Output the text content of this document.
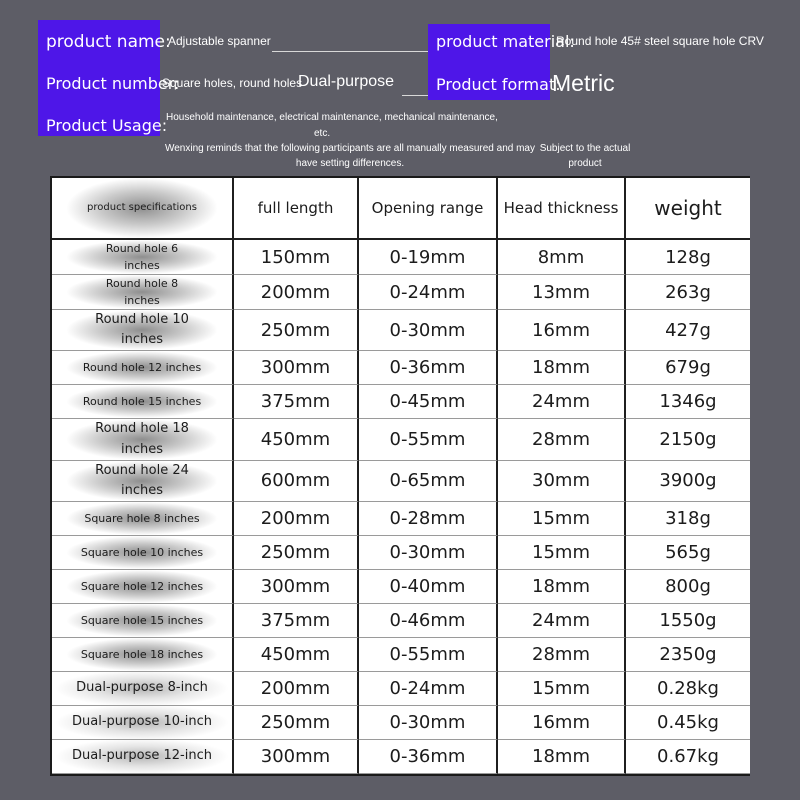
product name:
Adjustable spanner
Product number:
Square holes, round holes
Dual-purpose
Product Usage:
Household maintenance, electrical maintenance, mechanical maintenance,
etc.
product material:
Round hole 45# steel square hole CRV
Product format:
Metric
Wenxing reminds that the following participants are all manually measured and may
have setting differences.
Subject to the actual
product
product specifications	full length	Opening range	Head thickness	weight
Round hole 6
inches	150mm	0-19mm	8mm	128g
Round hole 8
inches	200mm	0-24mm	13mm	263g
Round hole 10
inches	250mm	0-30mm	16mm	427g
Round hole 12 inches	300mm	0-36mm	18mm	679g
Round hole 15 inches	375mm	0-45mm	24mm	1346g
Round hole 18
inches	450mm	0-55mm	28mm	2150g
Round hole 24
inches	600mm	0-65mm	30mm	3900g
Square hole 8 inches	200mm	0-28mm	15mm	318g
Square hole 10 inches	250mm	0-30mm	15mm	565g
Square hole 12 inches	300mm	0-40mm	18mm	800g
Square hole 15 inches	375mm	0-46mm	24mm	1550g
Square hole 18 inches	450mm	0-55mm	28mm	2350g
Dual-purpose 8-inch	200mm	0-24mm	15mm	0.28kg
Dual-purpose 10-inch	250mm	0-30mm	16mm	0.45kg
Dual-purpose 12-inch	300mm	0-36mm	18mm	0.67kg
